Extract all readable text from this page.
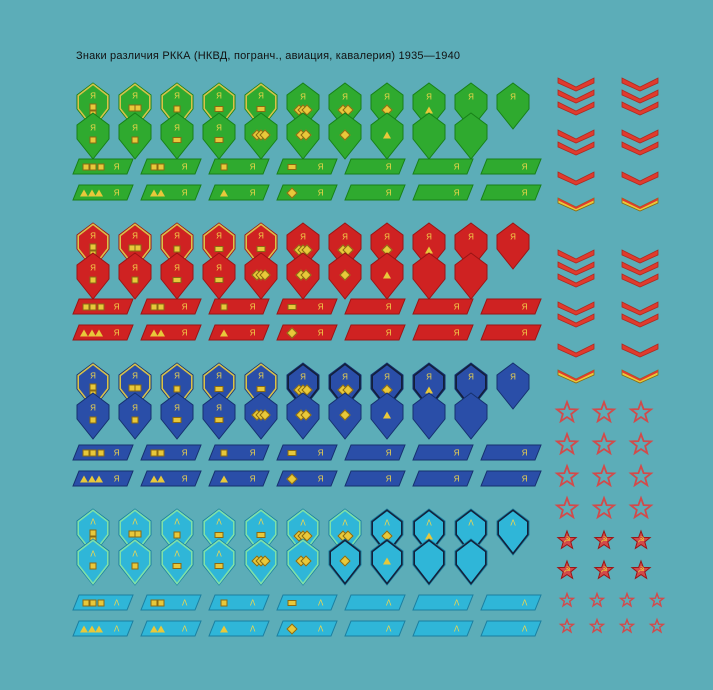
Знаки различия РККА (НКВД, погранч., авиация, кавалерия) 1935—1940
Я	Я	Я	Я	Я	Я	Я	Я	Я	Я	Я
Я	Я	Я	Я
Я	Я	Я	Я	Я	Я	Я
Я	Я	Я	Я	Я	Я	Я
Я	Я	Я	Я	Я	Я	Я	Я	Я	Я	Я
Я	Я	Я	Я
Я	Я	Я	Я	Я	Я	Я
Я	Я	Я	Я	Я	Я	Я
Я	Я	Я	Я	Я	Я	Я	Я	Я	Я	Я
Я	Я	Я	Я
Я	Я	Я	Я	Я	Я	Я
Я	Я	Я	Я	Я	Я	Я
Λ	Λ	Λ	Λ	Λ	Λ	Λ	Λ	Λ	Λ	Λ
Λ	Λ	Λ	Λ
Λ	Λ	Λ	Λ	Λ	Λ	Λ
Λ	Λ	Λ	Λ	Λ	Λ	Λ
☭	☭	☭
☭	☭	☭
